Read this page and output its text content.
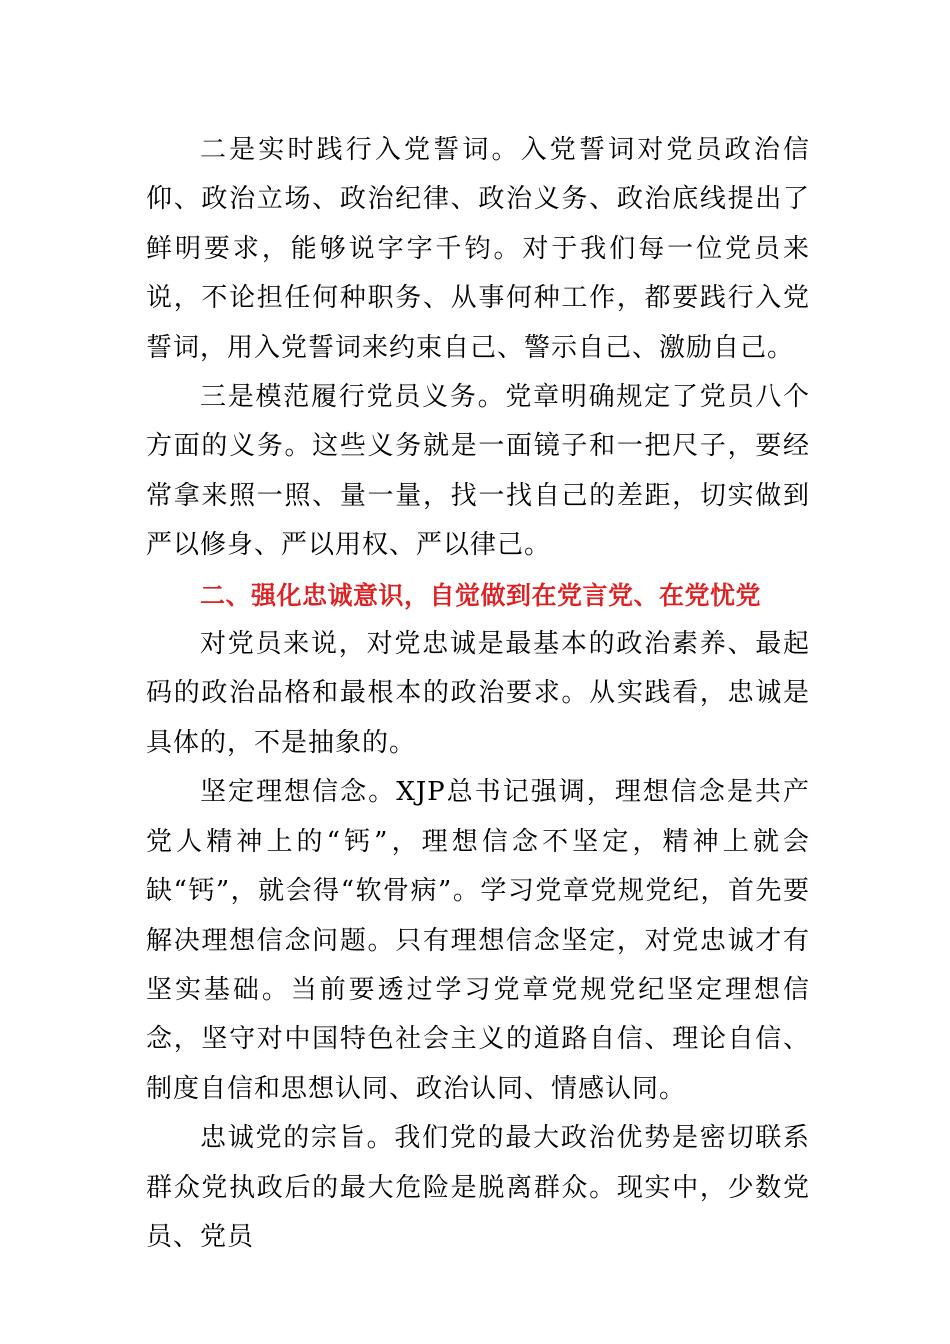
二是实时践行入党誓词。入党誓词对党员政治信仰、政治立场、政治纪律、政治义务、政治底线提出了鲜明要求，能够说字字千钧。对于我们每一位党员来说，不论担任何种职务、从事何种工作，都要践行入党誓词，用入党誓词来约束自己、警示自己、激励自己。

三是模范履行党员义务。党章明确规定了党员八个方面的义务。这些义务就是一面镜子和一把尺子，要经常拿来照一照、量一量，找一找自己的差距，切实做到严以修身、严以用权、严以律己。

二、强化忠诚意识，自觉做到在党言党、在党忧党

对党员来说，对党忠诚是最基本的政治素养、最起码的政治品格和最根本的政治要求。从实践看，忠诚是具体的，不是抽象的。

坚定理想信念。XJP总书记强调，理想信念是共产党人精神上的“钙”，理想信念不坚定，精神上就会缺“钙”，就会得“软骨病”。学习党章党规党纪，首先要解决理想信念问题。只有理想信念坚定，对党忠诚才有坚实基础。当前要透过学习党章党规党纪坚定理想信念，坚守对中国特色社会主义的道路自信、理论自信、制度自信和思想认同、政治认同、情感认同。

忠诚党的宗旨。我们党的最大政治优势是密切联系群众党执政后的最大危险是脱离群众。现实中，少数党员、党员
